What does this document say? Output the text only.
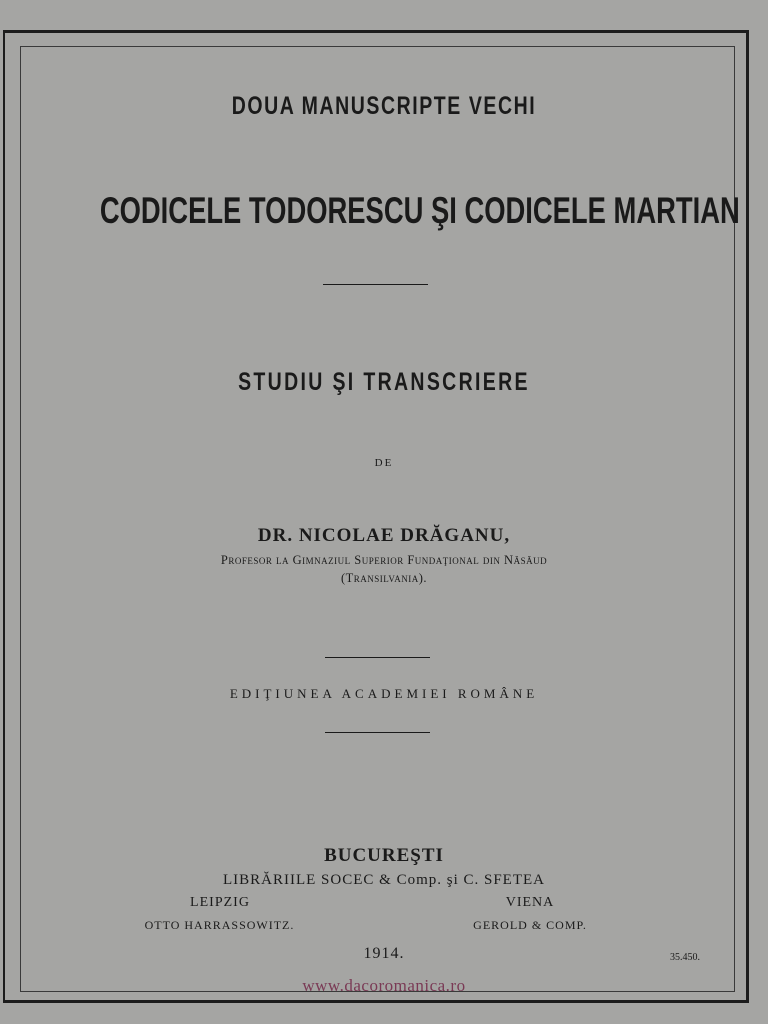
DOUA MANUSCRIPTE VECHI
CODICELE TODORESCU ŞI CODICELE MARTIAN
STUDIU ŞI TRANSCRIERE
DE
DR. NICOLAE DRĂGANU,
Profesor la Gimnaziul Superior Fundaţional din Năsăud
(Transilvania).
EDIŢIUNEA ACADEMIEI ROMÂNE
BUCUREŞTI
LIBRĂRIILE SOCEC & Comp. şi C. SFETEA
LEIPZIG	VIENA
OTTO HARRASSOWITZ.	GEROLD & COMP.
1914.	35.450.
www.dacoromanica.ro
